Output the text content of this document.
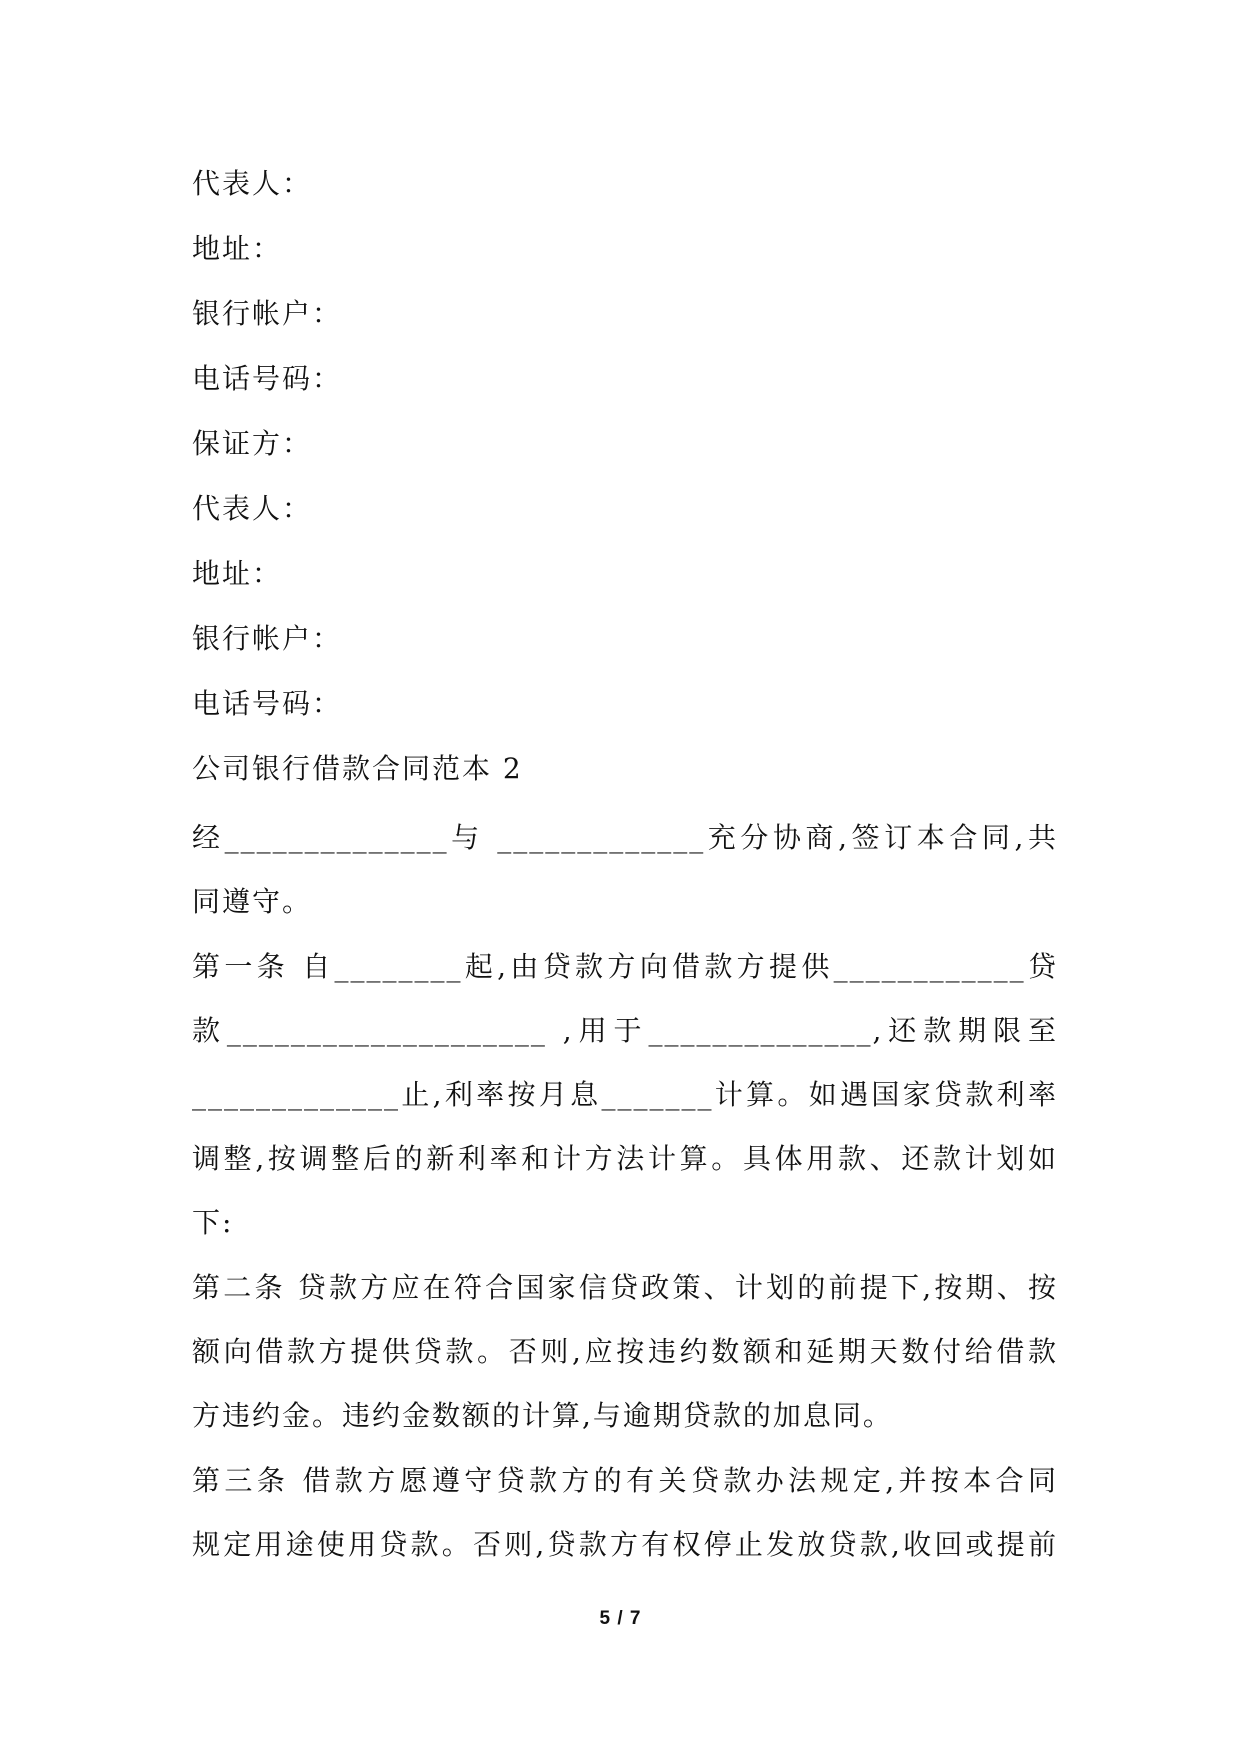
代表人：
地址：
银行帐户：
电话号码：
保证方：
代表人：
地址：
银行帐户：
电话号码：
公司银行借款合同范本 2
经______________与 _____________充分协商,签订本合同,共
同遵守。
第一条 自________起,由贷款方向借款方提供____________贷
款____________________ ,用于______________,还款期限至
_____________止,利率按月息_______计算。如遇国家贷款利率
调整,按调整后的新利率和计方法计算。具体用款、还款计划如
下:
第二条 贷款方应在符合国家信贷政策、计划的前提下,按期、按
额向借款方提供贷款。否则,应按违约数额和延期天数付给借款
方违约金。违约金数额的计算,与逾期贷款的加息同。
第三条 借款方愿遵守贷款方的有关贷款办法规定,并按本合同
规定用途使用贷款。否则,贷款方有权停止发放贷款,收回或提前
5 / 7
